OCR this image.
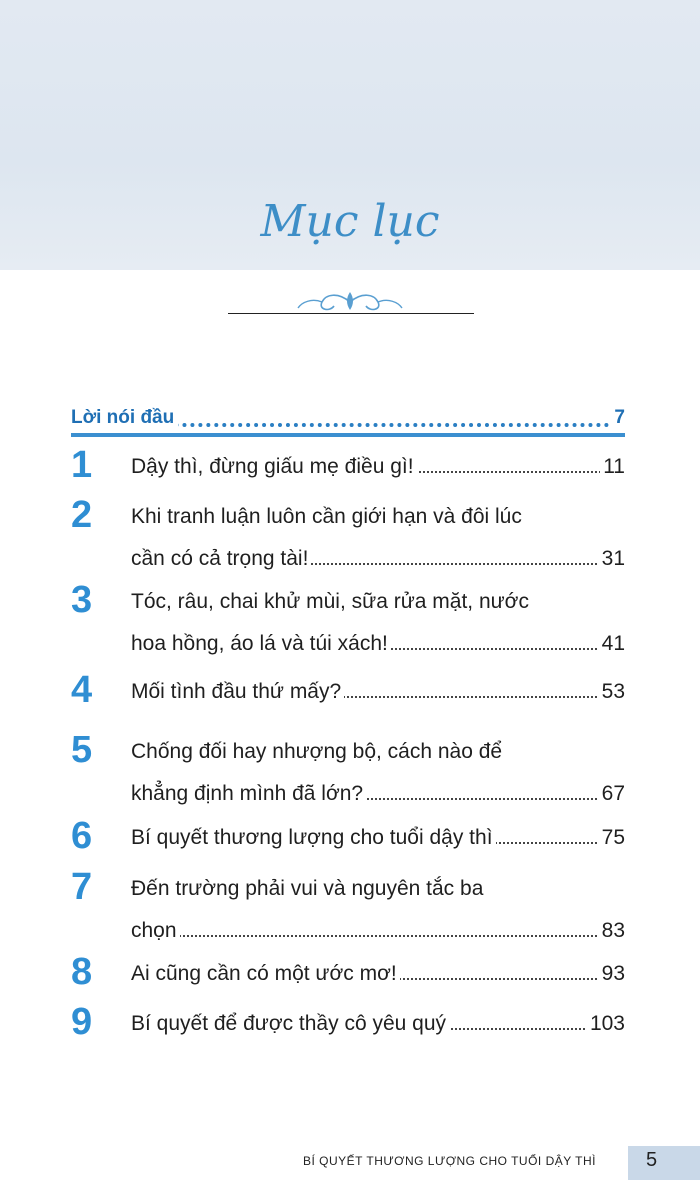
Mục lục
Lời nói đầu	7
1 Dậy thì, đừng giấu mẹ điều gì!	11
2 Khi tranh luận luôn cần giới hạn và đôi lúc
cần có cả trọng tài!	31
3 Tóc, râu, chai khử mùi, sữa rửa mặt, nước
hoa hồng, áo lá và túi xách!	41
4 Mối tình đầu thứ mấy?	53
5 Chống đối hay nhượng bộ, cách nào để
khẳng định mình đã lớn?	67
6 Bí quyết thương lượng cho tuổi dậy thì	75
7 Đến trường phải vui và nguyên tắc ba
chọn	83
8 Ai cũng cần có một ước mơ!	93
9 Bí quyết để được thầy cô yêu quý	103
BÍ QUYẾT THƯƠNG LƯỢNG CHO TUỔI DẬY THÌ 5
